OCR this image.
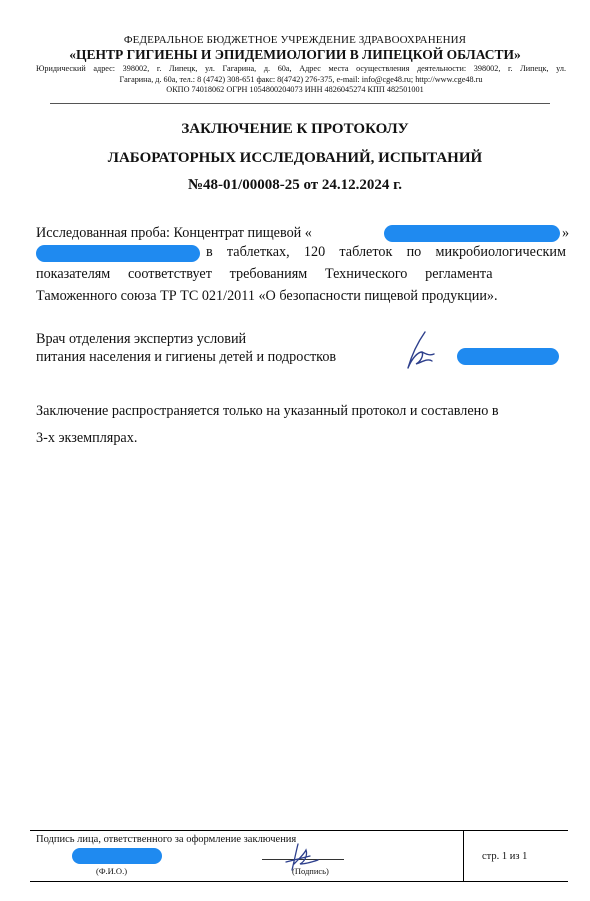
ФЕДЕРАЛЬНОЕ БЮДЖЕТНОЕ УЧРЕЖДЕНИЕ ЗДРАВООХРАНЕНИЯ
«ЦЕНТР ГИГИЕНЫ И ЭПИДЕМИОЛОГИИ В ЛИПЕЦКОЙ ОБЛАСТИ»
Юридический адрес: 398002, г. Липецк, ул. Гагарина, д. 60а, Адрес места осуществления деятельности: 398002, г. Липецк, ул.
Гагарина, д. 60а, тел.: 8 (4742) 308-651 факс: 8(4742) 276-375, e-mail: info@cge48.ru; http://www.cge48.ru
ОКПО 74018062 ОГРН 1054800204073 ИНН 4826045274 КПП 482501001
ЗАКЛЮЧЕНИЕ К ПРОТОКОЛУ
ЛАБОРАТОРНЫХ ИССЛЕДОВАНИЙ, ИСПЫТАНИЙ
№48-01/00008-25 от 24.12.2024 г.
Исследованная проба: Концентрат пищевой «	»
в таблетках, 120 таблеток по микробиологическим
показателям     соответствует     требованиям     Технического     регламента
Таможенного союза ТР ТС 021/2011 «О безопасности пищевой продукции».
Врач отделения экспертиз условий
питания населения и гигиены детей и подростков
Заключение распространяется только на указанный протокол и составлено в
3-х экземплярах.
Подпись лица, ответственного за оформление заключения
(Ф.И.О.)	(Подпись)
стр. 1 из 1
